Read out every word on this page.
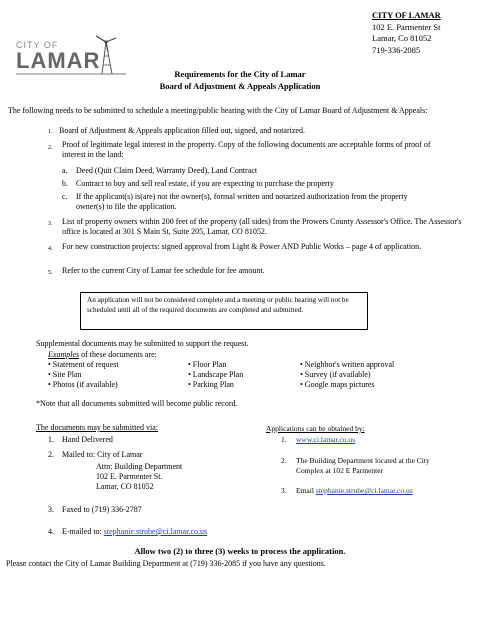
CITY OF
LAMAR
CITY OF LAMAR
102 E. Parmenter St
Lamar, Co 81052
719-336-2085
Requirements for the City of Lamar
Board of Adjustment & Appeals Application
The following needs to be submitted to schedule a meeting/public hearing with the City of Lamar Board of Adjustment & Appeals:
1. Board of Adjustment & Appeals application filled out, signed, and notarized.
2. Proof of legitimate legal interest in the property. Copy of the following documents are acceptable forms of proof of interest in the land:
a. Deed (Quit Claim Deed, Warranty Deed), Land Contract
b. Contract to buy and sell real estate, if you are expecting to purchase the property
c. If the applicant(s) is(are) not the owner(s), formal written and notarized authorization from the property owner(s) to file the application.
3. List of property owners within 200 feet of the property (all sides) from the Prowers County Assessor's Office. The Assessor's office is located at 301 S Main St, Suite 205, Lamar, CO 81052.
4. For new construction projects: signed approval from Light & Power AND Public Works – page 4 of application.
5. Refer to the current City of Lamar fee schedule for fee amount.
An application will not be considered complete and a meeting or public hearing will not be scheduled until all of the required documents are completed and submitted.
Supplemental documents may be submitted to support the request.
Examples of these documents are:
• Statement of request
• Site Plan
• Photos (if available)
• Floor Plan
• Landscape Plan
• Parking Plan
• Neighbor's written approval
• Survey (if available)
• Google maps pictures
*Note that all documents submitted will become public record.
The documents may be submitted via:
1. Hand Delivered
2. Mailed to: City of Lamar
Attn: Building Department
102 E. Parmenter St.
Lamar, CO 81052
3. Faxed to (719) 336-2787
4. E-mailed to: stephanie.strube@ci.lamar.co.us
Applications can be obtained by:
1. www.ci.lamar.co.us
2. The Building Department located at the City Complex at 102 E Parmenter
3. Email stephanie.strube@ci.lamar.co.us
Allow two (2) to three (3) weeks to process the application.
Please contact the City of Lamar Building Department at (719) 336-2085 if you have any questions.
